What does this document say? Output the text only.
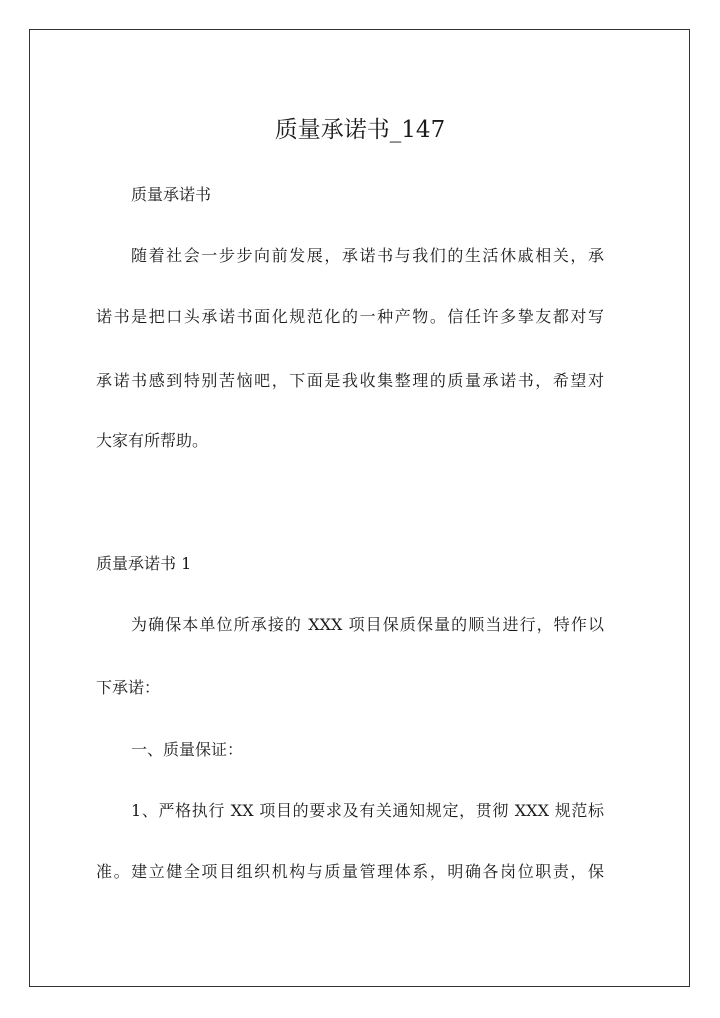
质量承诺书_147
质量承诺书
随着社会一步步向前发展，承诺书与我们的生活休戚相关，承
诺书是把口头承诺书面化规范化的一种产物。信任许多挚友都对写
承诺书感到特别苦恼吧，下面是我收集整理的质量承诺书，希望对
大家有所帮助。
质量承诺书 1
为确保本单位所承接的 XXX 项目保质保量的顺当进行，特作以
下承诺：
一、质量保证：
1、严格执行 XX 项目的要求及有关通知规定，贯彻 XXX 规范标
准。建立健全项目组织机构与质量管理体系，明确各岗位职责，保
